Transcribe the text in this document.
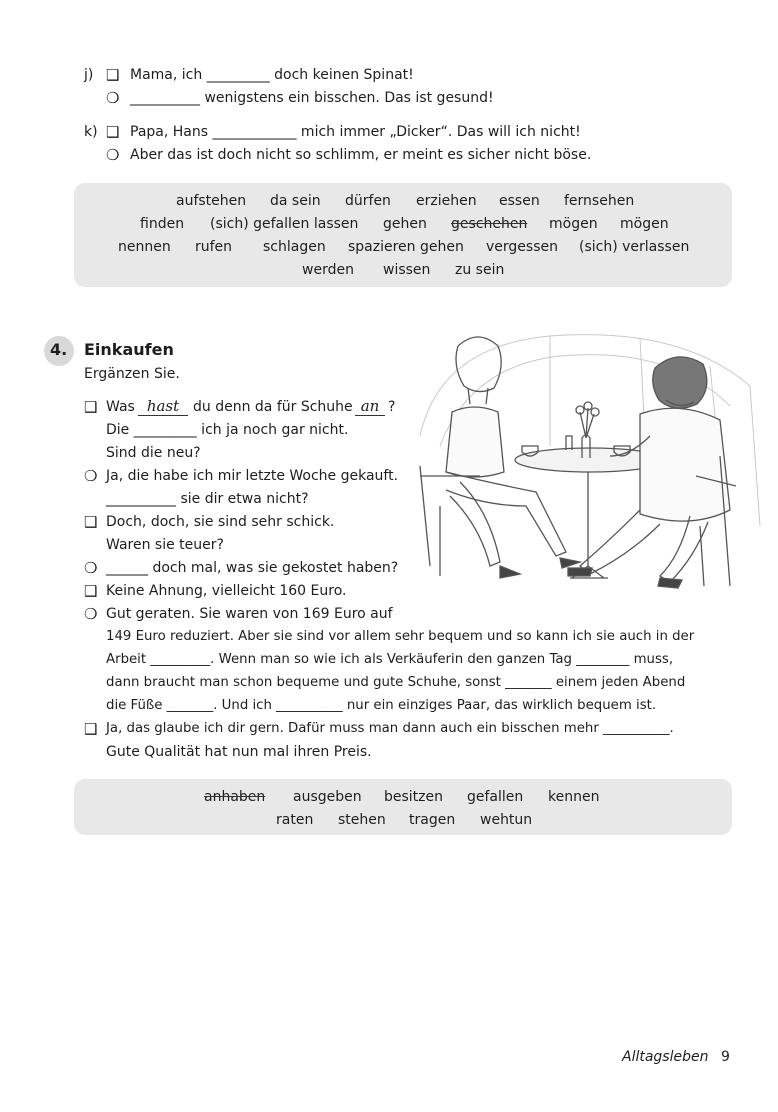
j) ❑ Mama, ich _________ doch keinen Spinat!
❍ __________ wenigstens ein bisschen. Das ist gesund!
k) ❑ Papa, Hans ____________ mich immer „Dicker“. Das will ich nicht!
❍ Aber das ist doch nicht so schlimm, er meint es sicher nicht böse.
aufstehen da sein dürfen erziehen essen fernsehen
finden (sich) gefallen lassen gehen geschehen mögen mögen
nennen rufen schlagen spazieren gehen vergessen (sich) verlassen
werden wissen zu sein
4. Einkaufen
Ergänzen Sie.
❑ Was hast du denn da für Schuhe an ?
Die _________ ich ja noch gar nicht.
Sind die neu?
❍ Ja, die habe ich mir letzte Woche gekauft.
__________ sie dir etwa nicht?
❑ Doch, doch, sie sind sehr schick.
Waren sie teuer?
❍ ______ doch mal, was sie gekostet haben?
❑ Keine Ahnung, vielleicht 160 Euro.
❍ Gut geraten. Sie waren von 169 Euro auf
149 Euro reduziert. Aber sie sind vor allem sehr bequem und so kann ich sie auch in der
Arbeit _________. Wenn man so wie ich als Verkäuferin den ganzen Tag ________ muss,
dann braucht man schon bequeme und gute Schuhe, sonst _______ einem jeden Abend
die Füße _______. Und ich __________ nur ein einziges Paar, das wirklich bequem ist.
❑ Ja, das glaube ich dir gern. Dafür muss man dann auch ein bisschen mehr __________.
Gute Qualität hat nun mal ihren Preis.
anhaben ausgeben besitzen gefallen kennen
raten stehen tragen wehtun
Alltagsleben 9
